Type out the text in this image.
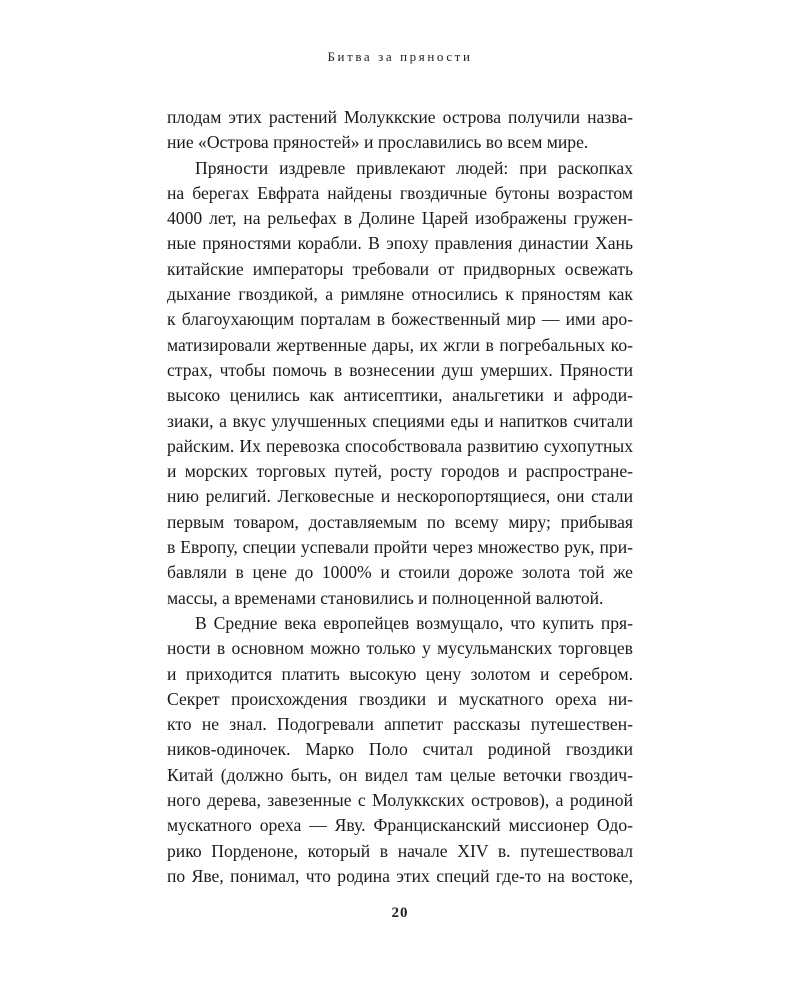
Битва за пряности
плодам этих растений Молуккские острова получили назва-
ние «Острова пряностей» и прославились во всем мире.
Пряности издревле привлекают людей: при раскопках
на берегах Евфрата найдены гвоздичные бутоны возрастом
4000 лет, на рельефах в Долине Царей изображены гружен-
ные пряностями корабли. В эпоху правления династии Хань
китайские императоры требовали от придворных освежать
дыхание гвоздикой, а римляне относились к пряностям как
к благоухающим порталам в божественный мир — ими аро-
матизировали жертвенные дары, их жгли в погребальных ко-
страх, чтобы помочь в вознесении душ умерших. Пряности
высоко ценились как антисептики, анальгетики и афроди-
зиаки, а вкус улучшенных специями еды и напитков считали
райским. Их перевозка способствовала развитию сухопутных
и морских торговых путей, росту городов и распростране-
нию религий. Легковесные и нескоропортящиеся, они стали
первым товаром, доставляемым по всему миру; прибывая
в Европу, специи успевали пройти через множество рук, при-
бавляли в цене до 1000% и стоили дороже золота той же
массы, а временами становились и полноценной валютой.
В Средние века европейцев возмущало, что купить пря-
ности в основном можно только у мусульманских торговцев
и приходится платить высокую цену золотом и серебром.
Секрет происхождения гвоздики и мускатного ореха ни-
кто не знал. Подогревали аппетит рассказы путешествен-
ников-одиночек. Марко Поло считал родиной гвоздики
Китай (должно быть, он видел там целые веточки гвоздич-
ного дерева, завезенные с Молуккских островов), а родиной
мускатного ореха — Яву. Францисканский миссионер Одо-
рико Порденоне, который в начале XIV в. путешествовал
по Яве, понимал, что родина этих специй где-то на востоке,
20
